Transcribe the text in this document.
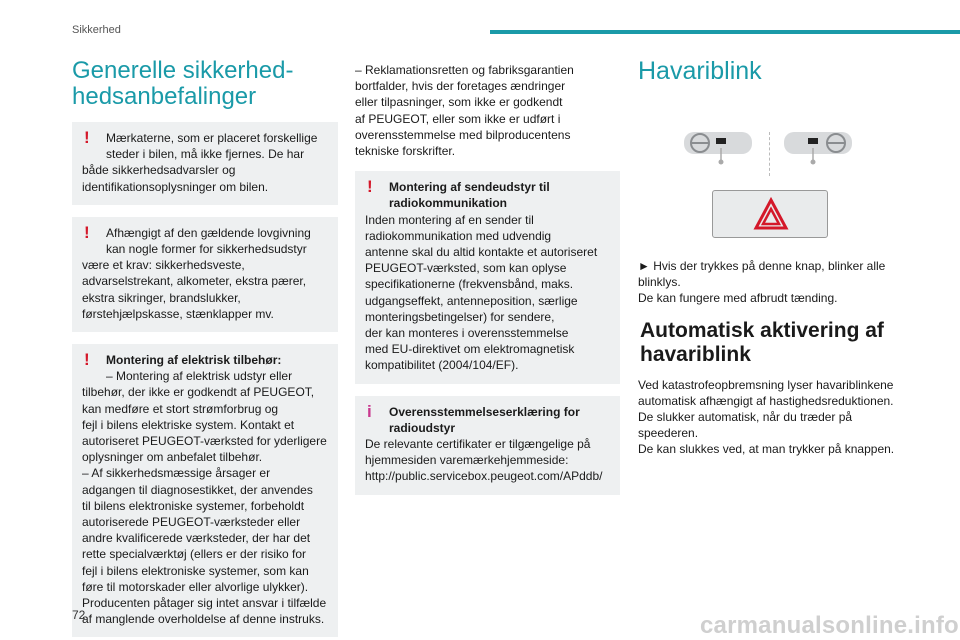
Sikkerhed
Generelle sikkerhed-
hedsanbefalinger
!	Mærkaterne, som er placeret forskellige steder i bilen, må ikke fjernes. De har
både sikkerhedsadvarsler og identifikationsoplysninger om bilen.
!	Afhængigt af den gældende lovgivning kan nogle former for sikkerhedsudstyr
være et krav: sikkerhedsveste, advarselstrekant, alkometer, ekstra pærer, ekstra sikringer, brandslukker, førstehjælpskasse, stænklapper mv.
!	Montering af elektrisk tilbehør:
– Montering af elektrisk udstyr eller

tilbehør, der ikke er godkendt af PEUGEOT,
kan medføre et stort strømforbrug og
fejl i bilens elektriske system. Kontakt et
autoriseret PEUGEOT-værksted for yderligere
oplysninger om anbefalet tilbehør.
– Af sikkerhedsmæssige årsager er
adgangen til diagnosestikket, der anvendes
til bilens elektroniske systemer, forbeholdt
autoriserede PEUGEOT-værksteder eller
andre kvalificerede værksteder, der har det
rette specialværktøj (ellers er der risiko for
fejl i bilens elektroniske systemer, som kan
føre til motorskader eller alvorlige ulykker).
Producenten påtager sig intet ansvar i tilfælde
af manglende overholdelse af denne instruks.

– Reklamationsretten og fabriksgarantien
bortfalder, hvis der foretages ændringer
eller tilpasninger, som ikke er godkendt
af PEUGEOT, eller som ikke er udført i
overensstemmelse med bilproducentens
tekniske forskrifter.

!	Montering af sendeudstyr til radiokommunikation

Inden montering af en sender til
radiokommunikation med udvendig
antenne skal du altid kontakte et autoriseret
PEUGEOT-værksted, som kan oplyse
specifikationerne (frekvensbånd, maks.
udgangseffekt, antenneposition, særlige
monteringsbetingelser) for sendere,
der kan monteres i overensstemmelse
med EU-direktivet om elektromagnetisk
kompatibilitet (2004/104/EF).

i	Overensstemmelseserklæring for radioudstyr

De relevante certifikater er tilgængelige på
hjemmesiden varemærkehjemmeside:
http://public.servicebox.peugeot.com/APddb/

Havariblink

► Hvis der trykkes på denne knap, blinker alle
blinklys.
De kan fungere med afbrudt tænding.

Automatisk aktivering af havariblink

Ved katastrofeopbremsning lyser havariblinkene
automatisk afhængigt af hastighedsreduktionen.
De slukker automatisk, når du træder på
speederen.
De kan slukkes ved, at man trykker på knappen.

72	carmanualsonline.info
